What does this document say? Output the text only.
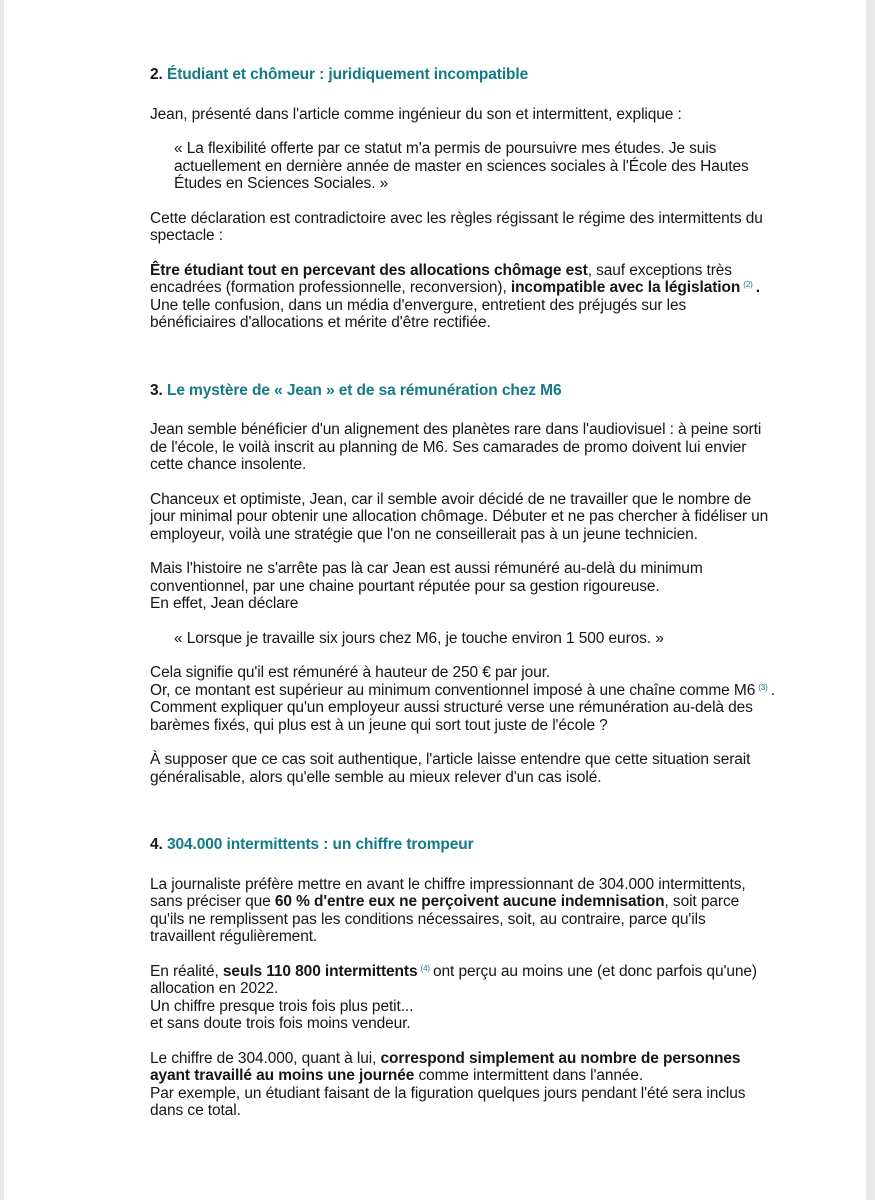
2. Étudiant et chômeur : juridiquement incompatible

Jean, présenté dans l'article comme ingénieur du son et intermittent, explique :

« La flexibilité offerte par ce statut m'a permis de poursuivre mes études. Je suis actuellement en dernière année de master en sciences sociales à l'École des Hautes Études en Sciences Sociales. »

Cette déclaration est contradictoire avec les règles régissant le régime des intermittents du spectacle :

Être étudiant tout en percevant des allocations chômage est, sauf exceptions très encadrées (formation professionnelle, reconversion), incompatible avec la législation (2) .
Une telle confusion, dans un média d'envergure, entretient des préjugés sur les bénéficiaires d'allocations et mérite d'être rectifiée.

3. Le mystère de « Jean » et de sa rémunération chez M6

Jean semble bénéficier d'un alignement des planètes rare dans l'audiovisuel : à peine sorti de l'école, le voilà inscrit au planning de M6. Ses camarades de promo doivent lui envier cette chance insolente.

Chanceux et optimiste, Jean, car il semble avoir décidé de ne travailler que le nombre de jour minimal pour obtenir une allocation chômage. Débuter et ne pas chercher à fidéliser un employeur, voilà une stratégie que l'on ne conseillerait pas à un jeune technicien.

Mais l'histoire ne s'arrête pas là car Jean est aussi rémunéré au-delà du minimum conventionnel, par une chaine pourtant réputée pour sa gestion rigoureuse.
En effet, Jean déclare

« Lorsque je travaille six jours chez M6, je touche environ 1 500 euros. »

Cela signifie qu'il est rémunéré à hauteur de 250 € par jour.
Or, ce montant est supérieur au minimum conventionnel imposé à une chaîne comme M6 (3) .
Comment expliquer qu'un employeur aussi structuré verse une rémunération au-delà des barèmes fixés, qui plus est à un jeune qui sort tout juste de l'école ?

À supposer que ce cas soit authentique, l'article laisse entendre que cette situation serait généralisable, alors qu'elle semble au mieux relever d'un cas isolé.

4. 304.000 intermittents : un chiffre trompeur

La journaliste préfère mettre en avant le chiffre impressionnant de 304.000 intermittents, sans préciser que 60 % d'entre eux ne perçoivent aucune indemnisation, soit parce qu'ils ne remplissent pas les conditions nécessaires, soit, au contraire, parce qu'ils travaillent régulièrement.

En réalité, seuls 110 800 intermittents (4) ont perçu au moins une (et donc parfois qu'une) allocation en 2022.
Un chiffre presque trois fois plus petit...
et sans doute trois fois moins vendeur.

Le chiffre de 304.000, quant à lui, correspond simplement au nombre de personnes ayant travaillé au moins une journée comme intermittent dans l'année.
Par exemple, un étudiant faisant de la figuration quelques jours pendant l'été sera inclus dans ce total.
